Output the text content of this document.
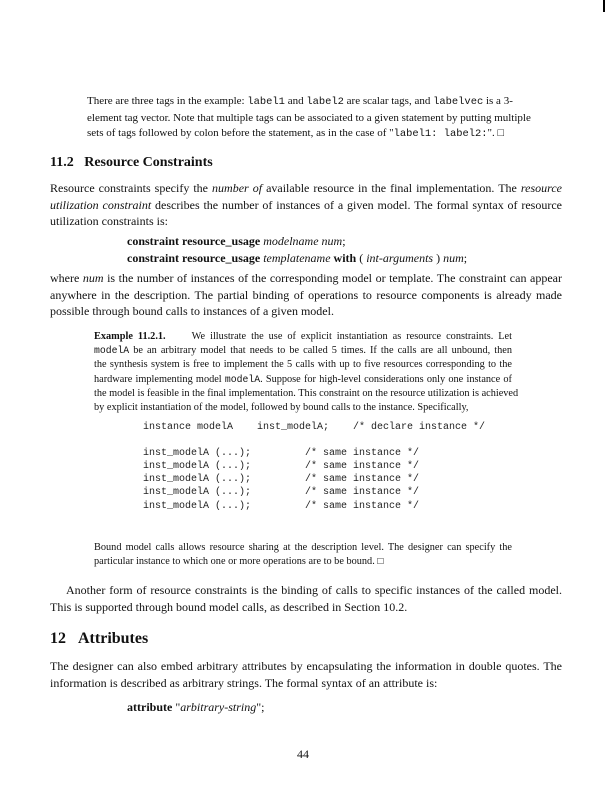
There are three tags in the example: label1 and label2 are scalar tags, and labelvec is a 3-
element tag vector. Note that multiple tags can be associated to a given statement by putting multiple
sets of tags followed by colon before the statement, as in the case of "label1: label2:". □
11.2 Resource Constraints
Resource constraints specify the number of available resource in the final implementation. The resource
utilization constraint describes the number of instances of a given model. The formal syntax of resource
utilization constraints is:
constraint resource_usage modelname num;
constraint resource_usage templatename with ( int-arguments ) num;
where num is the number of instances of the corresponding model or template. The constraint can appear
anywhere in the description. The partial binding of operations to resource components is already made
possible through bound calls to instances of a given model.
Example 11.2.1.	We illustrate the use of explicit instantiation as resource constraints. Let
modelA be an arbitrary model that needs to be called 5 times. If the calls are all unbound, then
the synthesis system is free to implement the 5 calls with up to five resources corresponding to the
hardware implementing model modelA. Suppose for high-level considerations only one instance of
the model is feasible in the final implementation. This constraint on the resource utilization is achieved
by explicit instantiation of the model, followed by bound calls to the instance. Specifically,
instance modelA    inst_modelA;    /* declare instance */

inst_modelA (...);         /* same instance */
inst_modelA (...);         /* same instance */
inst_modelA (...);         /* same instance */
inst_modelA (...);         /* same instance */
inst_modelA (...);         /* same instance */
Bound model calls allows resource sharing at the description level. The designer can specify the
particular instance to which one or more operations are to be bound. □
Another form of resource constraints is the binding of calls to specific instances of the called model.
This is supported through bound model calls, as described in Section 10.2.
12 Attributes
The designer can also embed arbitrary attributes by encapsulating the information in double quotes. The
information is described as arbitrary strings. The formal syntax of an attribute is:
attribute "arbitrary-string";
44
